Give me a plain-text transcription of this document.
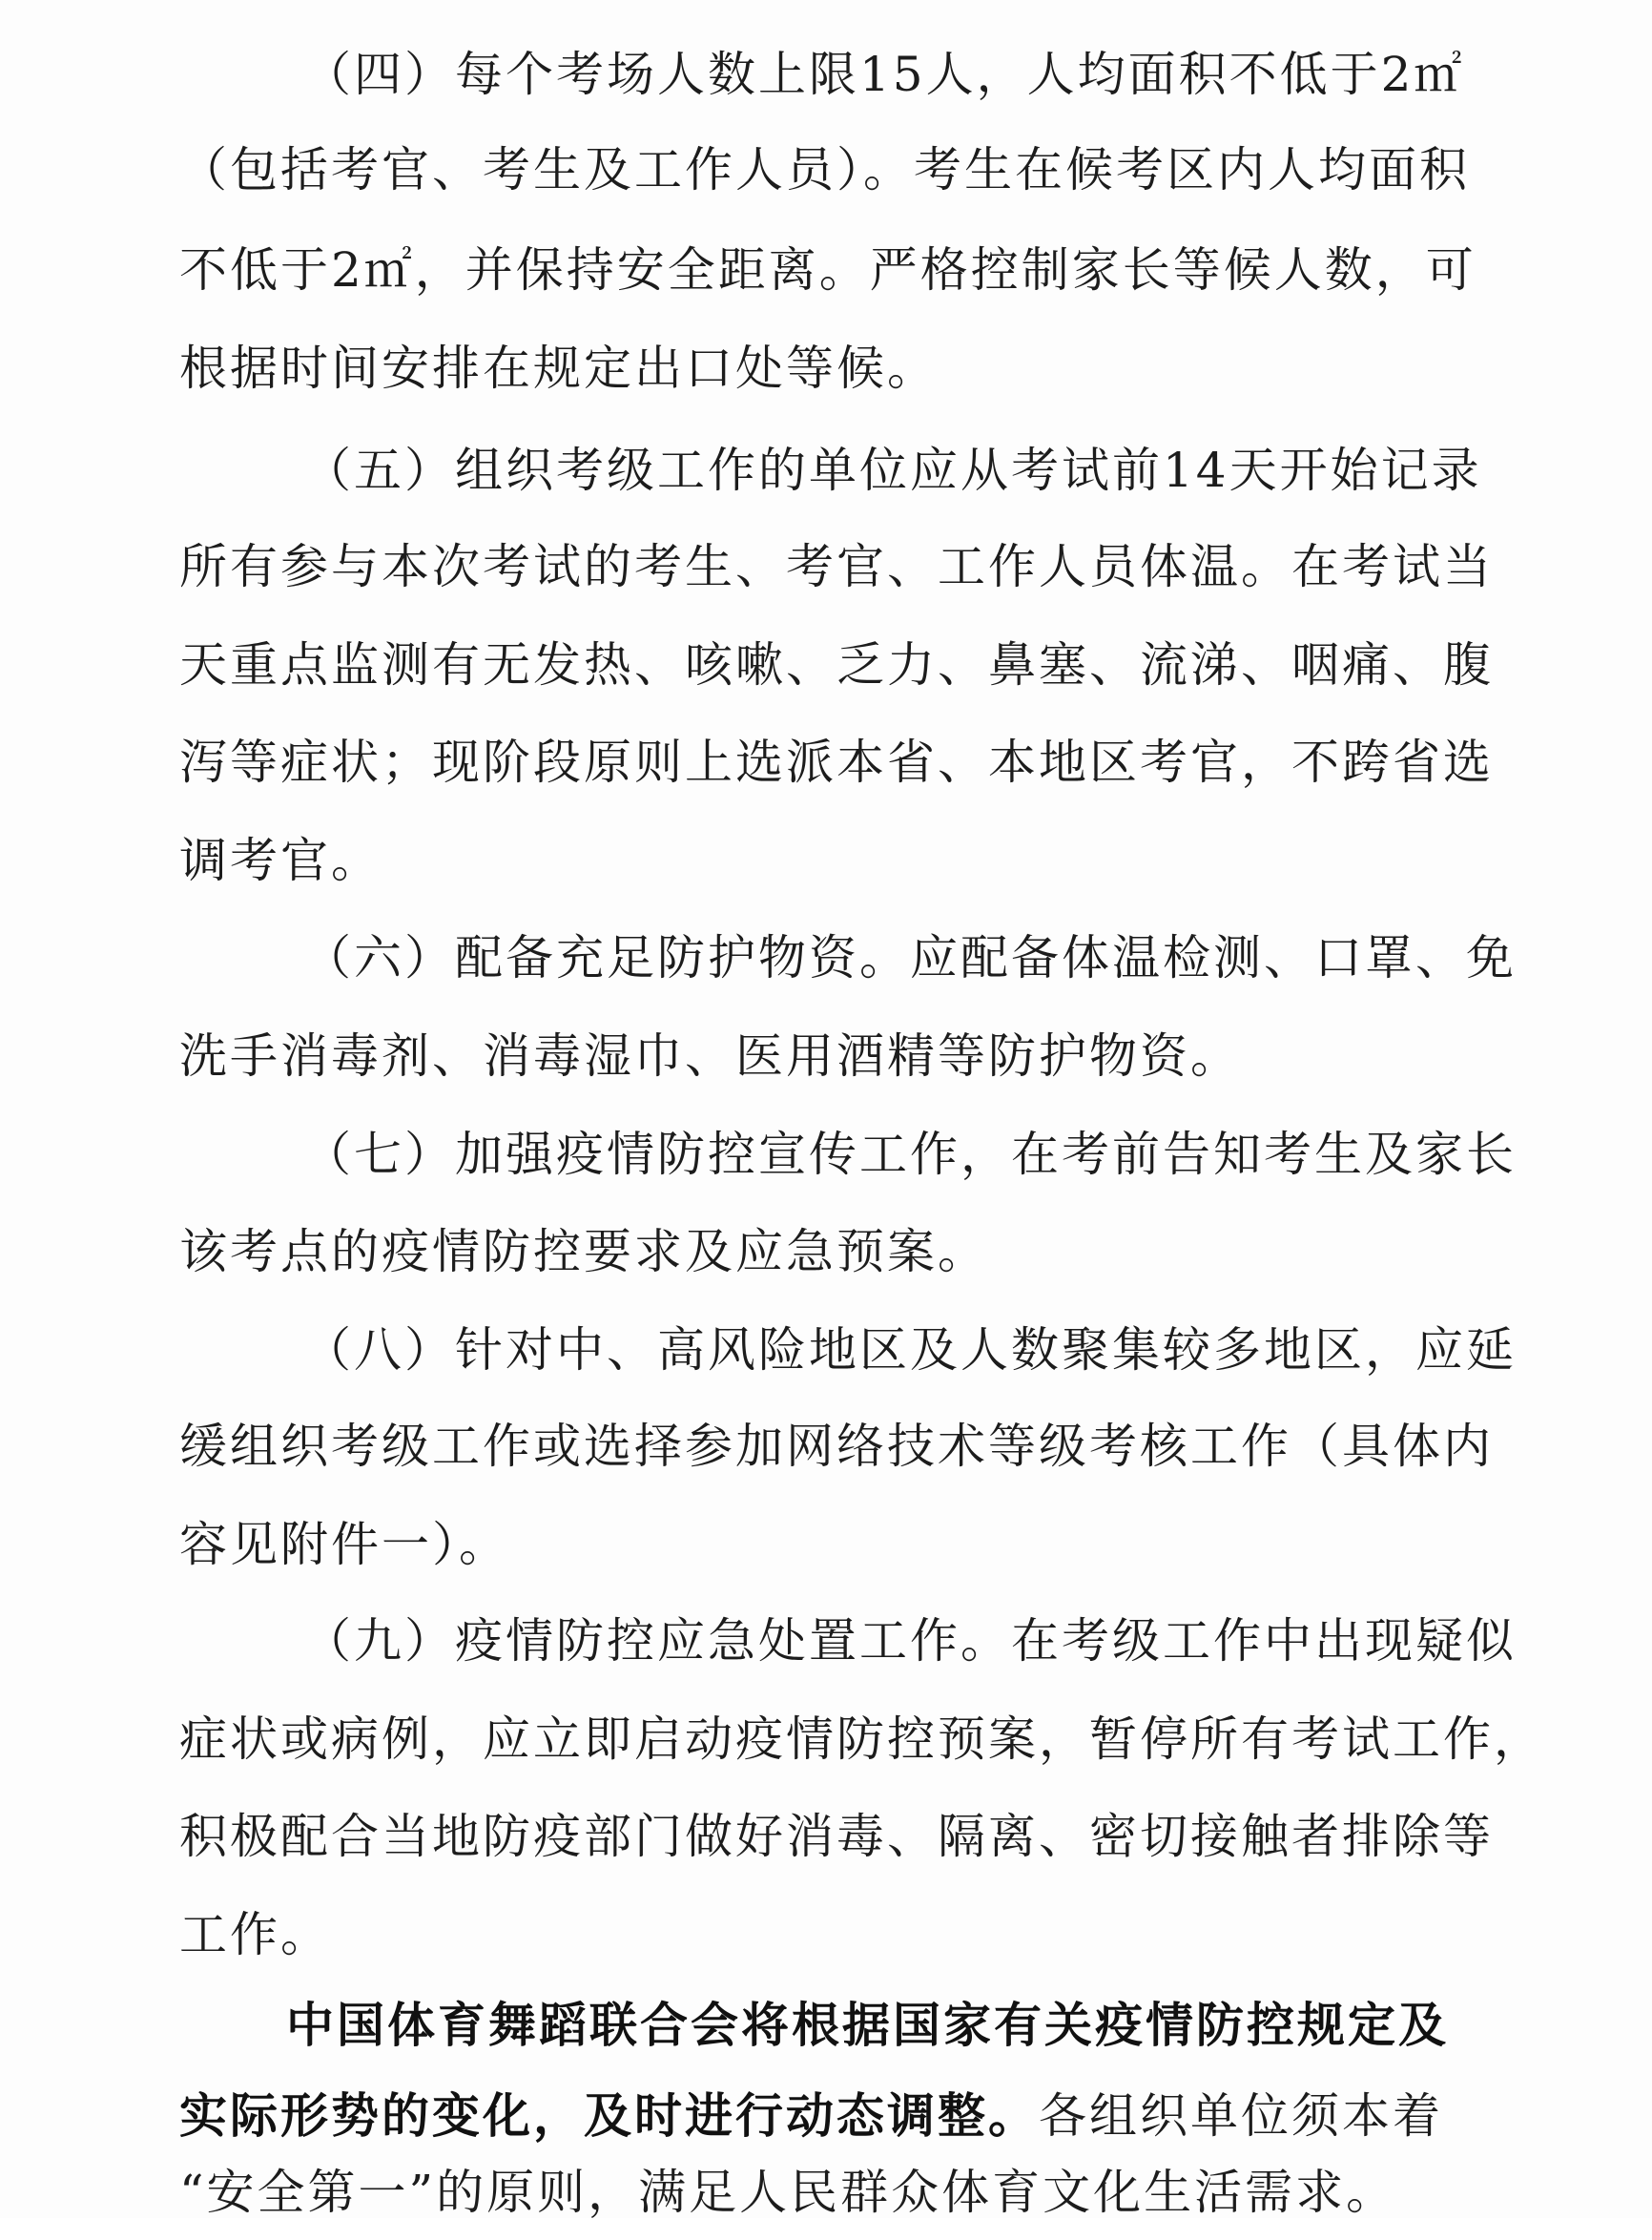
（四）每个考场人数上限15人，人均面积不低于2㎡
（包括考官、考生及工作人员）。考生在候考区内人均面积
不低于2㎡，并保持安全距离。严格控制家长等候人数，可
根据时间安排在规定出口处等候。
（五）组织考级工作的单位应从考试前14天开始记录
所有参与本次考试的考生、考官、工作人员体温。在考试当
天重点监测有无发热、咳嗽、乏力、鼻塞、流涕、咽痛、腹
泻等症状；现阶段原则上选派本省、本地区考官，不跨省选
调考官。
（六）配备充足防护物资。应配备体温检测、口罩、免
洗手消毒剂、消毒湿巾、医用酒精等防护物资。
（七）加强疫情防控宣传工作，在考前告知考生及家长
该考点的疫情防控要求及应急预案。
（八）针对中、高风险地区及人数聚集较多地区，应延
缓组织考级工作或选择参加网络技术等级考核工作（具体内
容见附件一）。
（九）疫情防控应急处置工作。在考级工作中出现疑似
症状或病例，应立即启动疫情防控预案，暂停所有考试工作，
积极配合当地防疫部门做好消毒、隔离、密切接触者排除等
工作。
中国体育舞蹈联合会将根据国家有关疫情防控规定及
实际形势的变化，及时进行动态调整。各组织单位须本着
“安全第一”的原则，满足人民群众体育文化生活需求。
